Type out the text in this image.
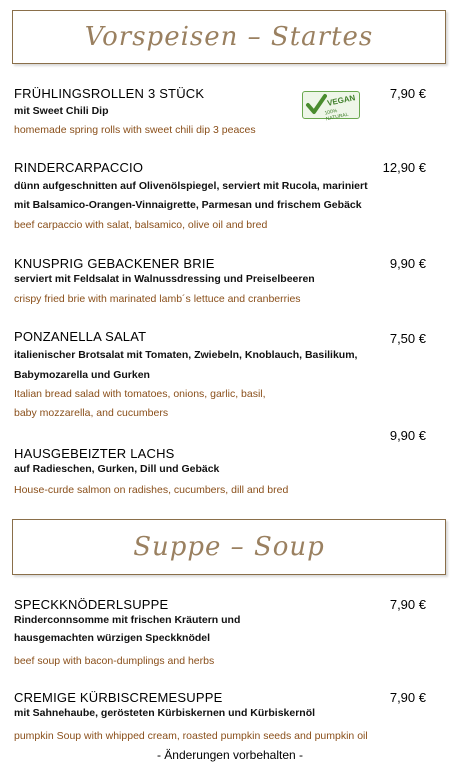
Vorspeisen – Startes
FRÜHLINGSROLLEN 3 STÜCK	7,90 €
mit Sweet Chili Dip
homemade spring rolls with sweet chili dip 3 peaces
VEGAN
100% NATURAL
RINDERCARPACCIO	12,90 €
dünn aufgeschnitten auf Olivenölspiegel, serviert mit Rucola, mariniert
mit Balsamico-Orangen-Vinnaigrette, Parmesan und frischem Gebäck
beef carpaccio with salat, balsamico, olive oil and bred
KNUSPRIG GEBACKENER BRIE	9,90 €
serviert mit Feldsalat in Walnussdressing und Preiselbeeren
crispy fried brie with marinated lamb´s lettuce and cranberries
PONZANELLA SALAT	7,50 €
italienischer Brotsalat mit Tomaten, Zwiebeln, Knoblauch, Basilikum,
Babymozarella und Gurken
Italian bread salad with tomatoes, onions, garlic, basil,
baby mozzarella, and cucumbers
9,90 €
HAUSGEBEIZTER LACHS
auf Radieschen, Gurken, Dill und Gebäck
House-curde salmon on radishes, cucumbers, dill and bred
Suppe – Soup
SPECKKNÖDERLSUPPE	7,90 €
Rinderconnsomme mit frischen Kräutern und
hausgemachten würzigen Speckknödel
beef soup with bacon-dumplings and herbs
CREMIGE KÜRBISCREMESUPPE	7,90 €
mit Sahnehaube, gerösteten Kürbiskernen und Kürbiskernöl
pumpkin Soup with whipped cream, roasted pumpkin seeds and pumpkin oil
- Änderungen vorbehalten -
